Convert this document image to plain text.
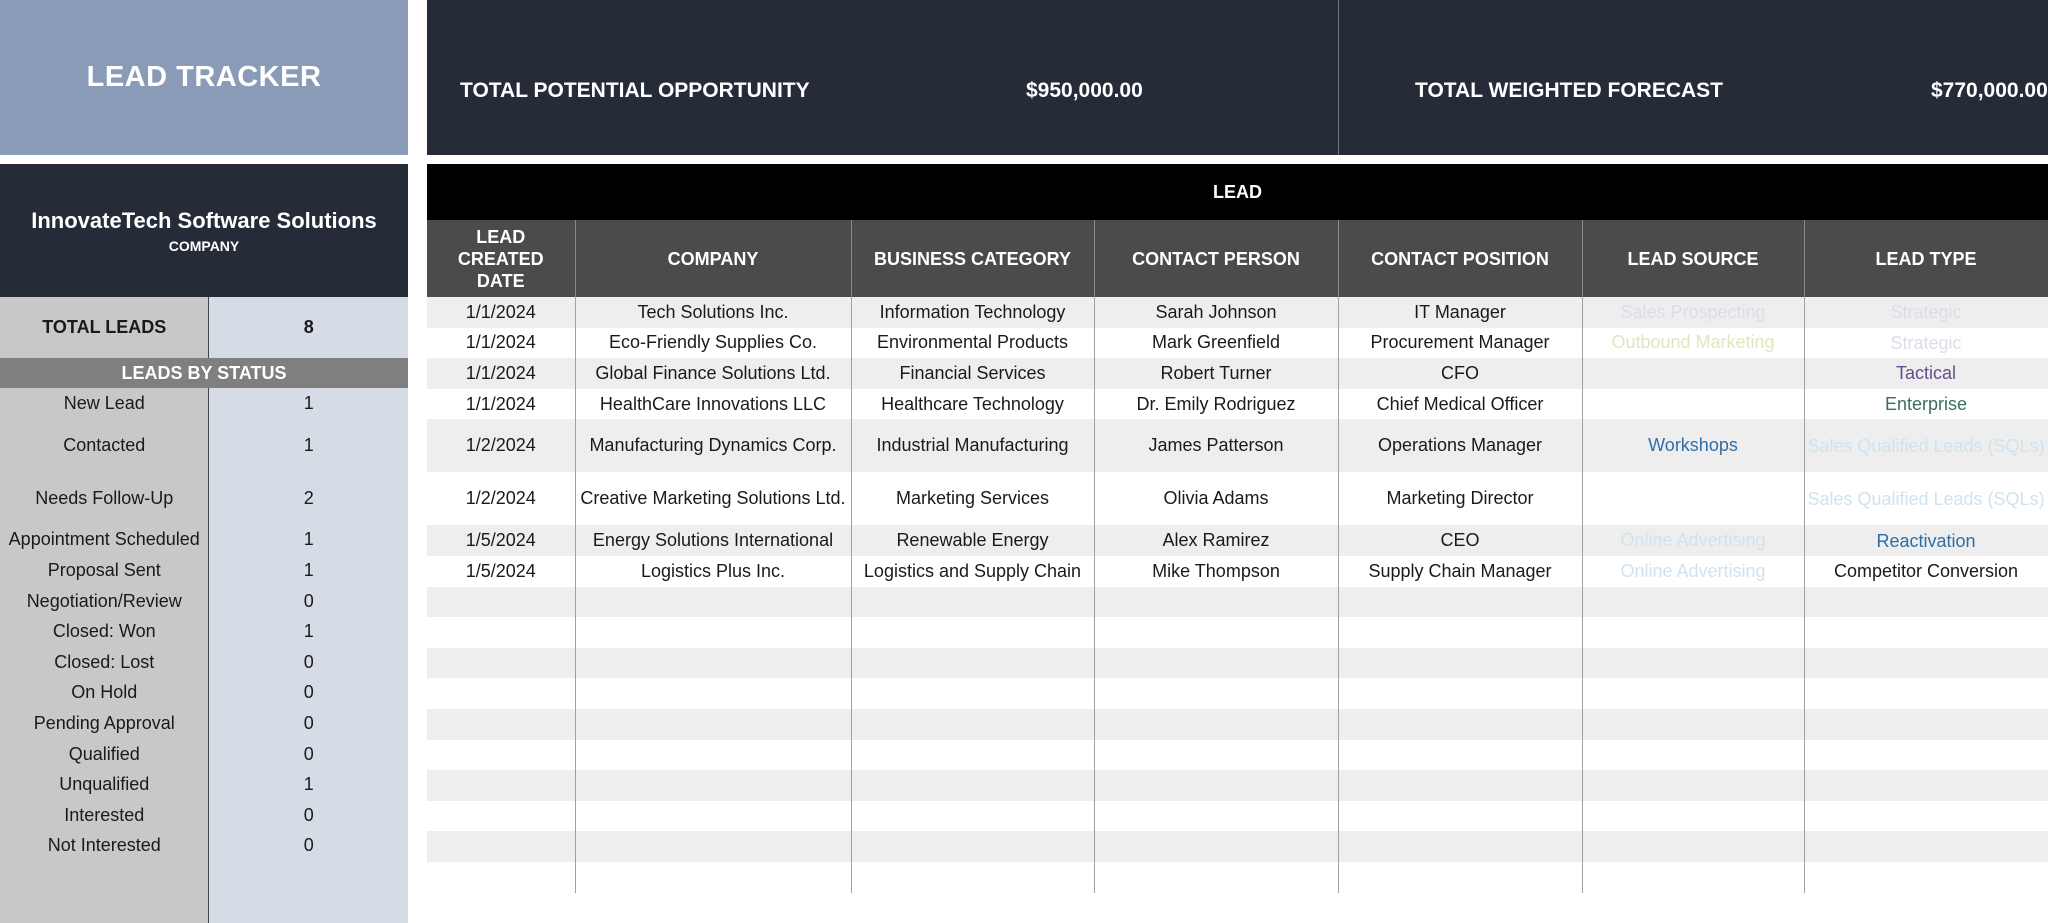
LEAD TRACKER	TOTAL POTENTIAL OPPORTUNITY	$950,000.00	TOTAL WEIGHTED FORECAST	$770,000.00
InnovateTech Software Solutions
COMPANY
TOTAL LEADS	8
LEADS BY STATUS
New Lead	1
Contacted	1
Needs Follow-Up	2
Appointment Scheduled	1
Proposal Sent	1
Negotiation/Review	0
Closed: Won	1
Closed: Lost	0
On Hold	0
Pending Approval	0
Qualified	0
Unqualified	1
Interested	0
Not Interested	0
LEAD
LEAD CREATED DATE	COMPANY	BUSINESS CATEGORY	CONTACT PERSON	CONTACT POSITION	LEAD SOURCE	LEAD TYPE
1/1/2024	Tech Solutions Inc.	Information Technology	Sarah Johnson	IT Manager	Sales Prospecting	Strategic
1/1/2024	Eco-Friendly Supplies Co.	Environmental Products	Mark Greenfield	Procurement Manager	Outbound Marketing	Strategic
1/1/2024	Global Finance Solutions Ltd.	Financial Services	Robert Turner	CFO		Tactical
1/1/2024	HealthCare Innovations LLC	Healthcare Technology	Dr. Emily Rodriguez	Chief Medical Officer		Enterprise
1/2/2024	Manufacturing Dynamics Corp.	Industrial Manufacturing	James Patterson	Operations Manager	Workshops	Sales Qualified Leads (SQLs)
1/2/2024	Creative Marketing Solutions Ltd.	Marketing Services	Olivia Adams	Marketing Director		Sales Qualified Leads (SQLs)
1/5/2024	Energy Solutions International	Renewable Energy	Alex Ramirez	CEO	Online Advertising	Reactivation
1/5/2024	Logistics Plus Inc.	Logistics and Supply Chain	Mike Thompson	Supply Chain Manager	Online Advertising	Competitor Conversion
